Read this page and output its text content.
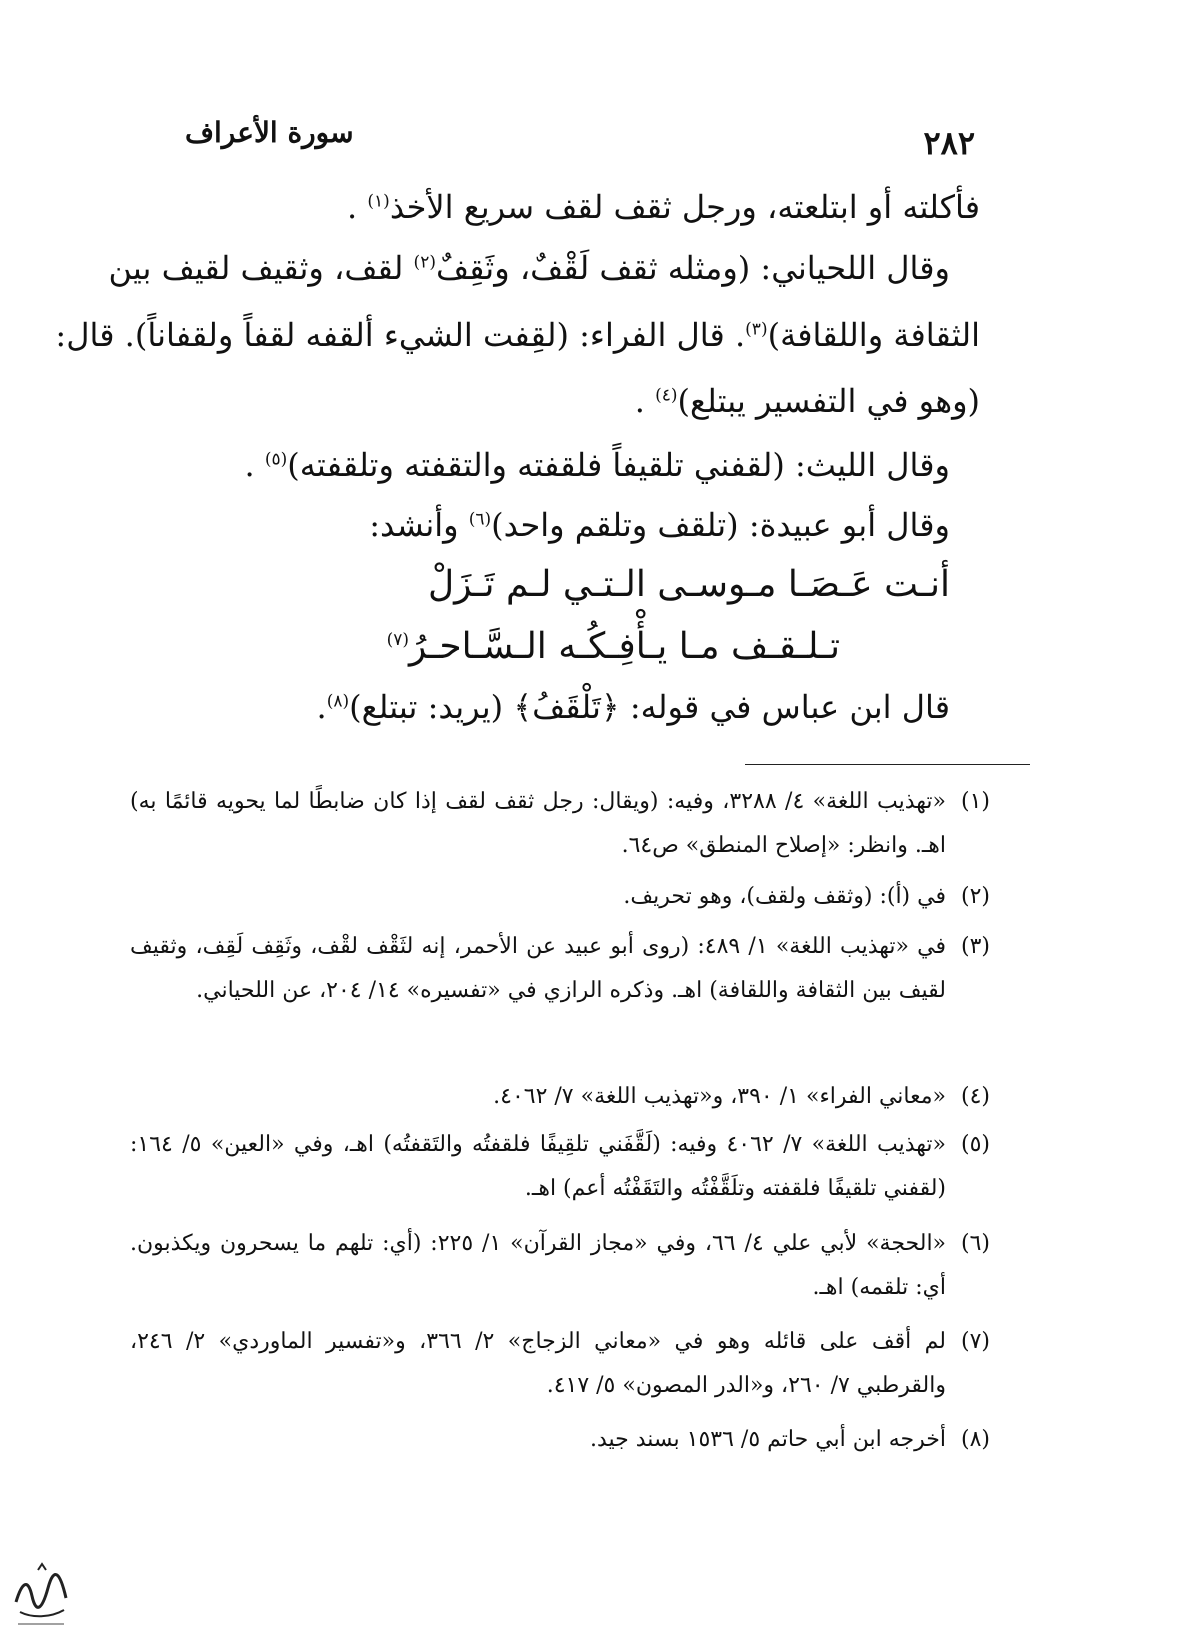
٢٨٢
سورة الأعراف
فأكلته أو ابتلعته، ورجل ثقف لقف سريع الأخذ$^{(١)}$ .
وقال اللحياني: (ومثله ثقف لَقْفٌ، وثَقِفٌ$^{(٢)}$ لقف، وثقيف لقيف بين
الثقافة واللقافة)$^{(٣)}$. قال الفراء: (لقِفت الشيء ألقفه لقفاً ولقفاناً). قال:
(وهو في التفسير يبتلع)$^{(٤)}$ .
وقال الليث: (لقفني تلقيفاً فلقفته والتقفته وتلقفته)$^{(٥)}$ .
وقال أبو عبيدة: (تلقف وتلقم واحد)$^{(٦)}$ وأنشد:
أنـت عَـصَـا مـوسـى الـتـي لـم تَـزَلْ
تـلـقـف مـا يـأْفِـكُـه الـسَّـاحـرُ$^{(٧)}$
قال ابن عباس في قوله: ﴿تَلْقَفُ﴾ (يريد: تبتلع)$^{(٨)}$.
(١)
«تهذيب اللغة» ٤/ ٣٢٨٨، وفيه: (ويقال: رجل ثقف لقف إذا كان ضابطًا لما يحويه قائمًا به) اهـ. وانظر: «إصلاح المنطق» ص٦٤.
(٢)
في (أ): (وثقف ولقف)، وهو تحريف.
(٣)
في «تهذيب اللغة» ١/ ٤٨٩: (روى أبو عبيد عن الأحمر، إنه لثَقْف لقْف، وثَقِف لَقِف، وثقيف لقيف بين الثقافة واللقافة) اهـ. وذكره الرازي في «تفسيره» ١٤/ ٢٠٤، عن اللحياني.
(٤)
«معاني الفراء» ١/ ٣٩٠، و«تهذيب اللغة» ٧/ ٤٠٦٢.
(٥)
«تهذيب اللغة» ٧/ ٤٠٦٢ وفيه: (لَقَّفَني تلقِيفًا فلقفتُه والتَقفتُه) اهـ، وفي «العين» ٥/ ١٦٤: (لقفني تلقيفًا فلقفته وتلَقَّفْتُه والتَقَفْتُه أعم) اهـ.
(٦)
«الحجة» لأبي علي ٤/ ٦٦، وفي «مجاز القرآن» ١/ ٢٢٥: (أي: تلهم ما يسحرون ويكذبون. أي: تلقمه) اهـ.
(٧)
لم أقف على قائله وهو في «معاني الزجاج» ٢/ ٣٦٦، و«تفسير الماوردي» ٢/ ٢٤٦، والقرطبي ٧/ ٢٦٠، و«الدر المصون» ٥/ ٤١٧.
(٨)
أخرجه ابن أبي حاتم ٥/ ١٥٣٦ بسند جيد.
